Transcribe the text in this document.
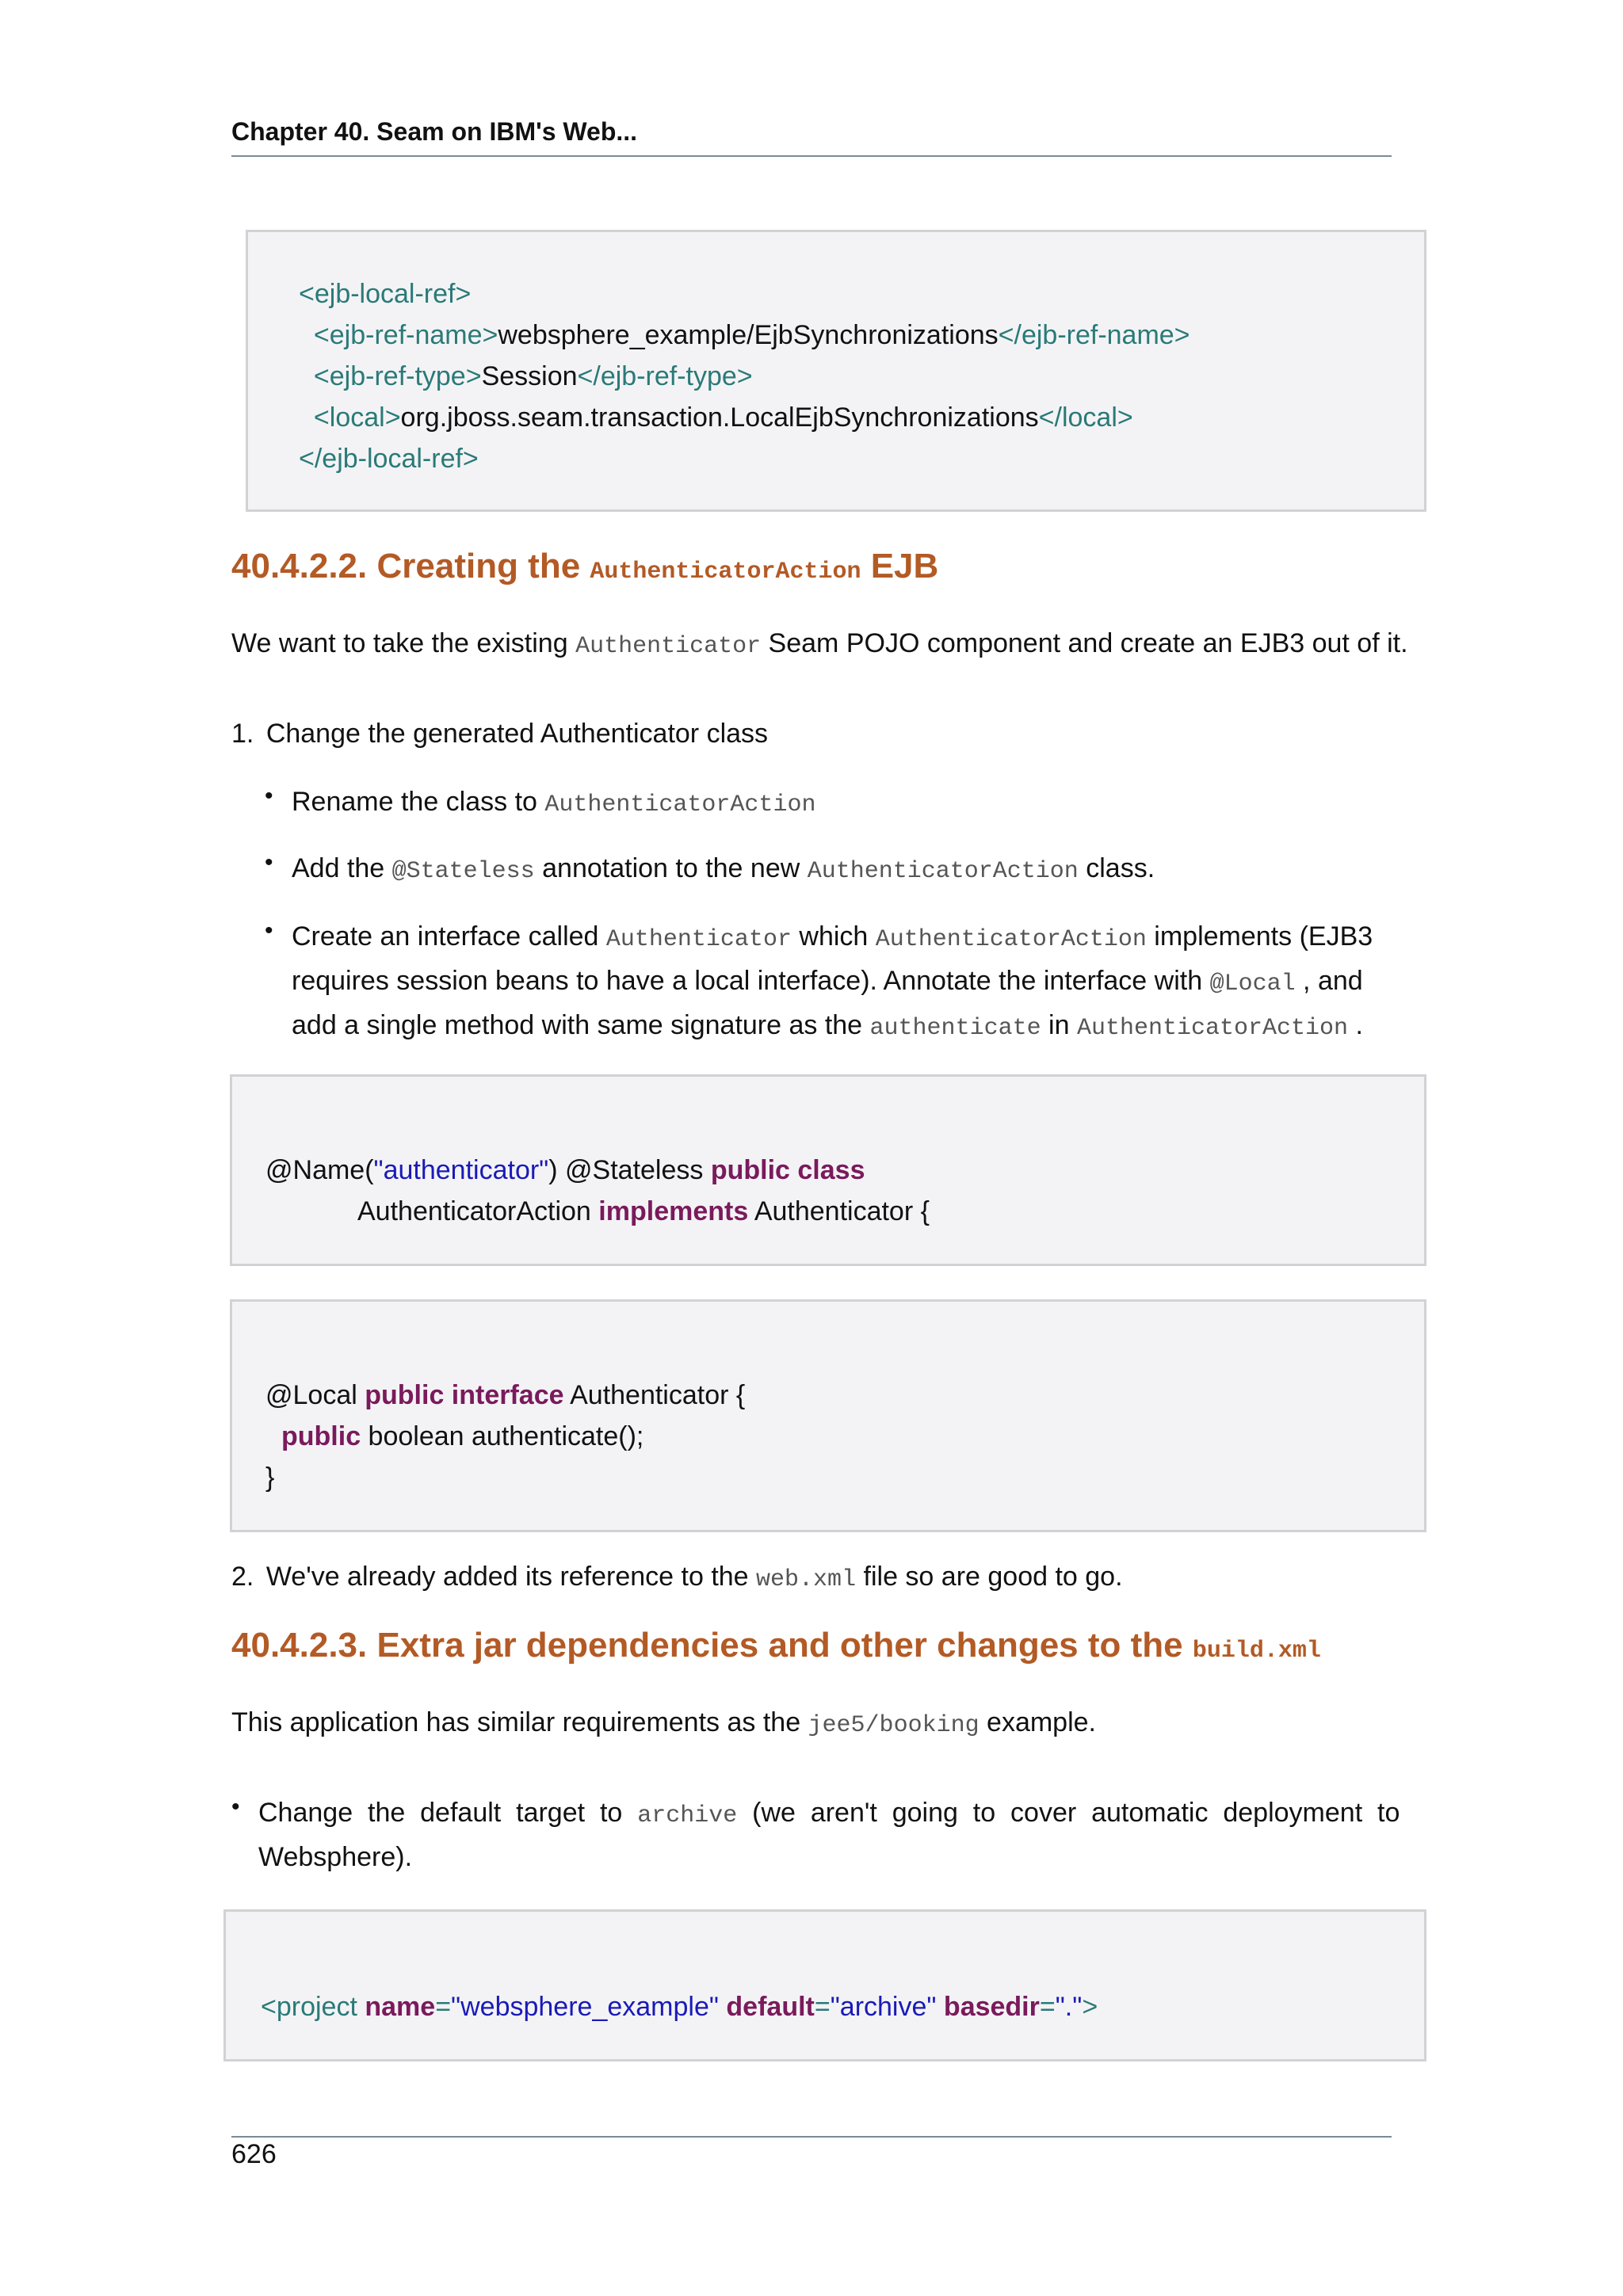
Chapter 40. Seam on IBM's Web...
<ejb-local-ref>
<ejb-ref-name>websphere_example/EjbSynchronizations</ejb-ref-name>
<ejb-ref-type>Session</ejb-ref-type>
<local>org.jboss.seam.transaction.LocalEjbSynchronizations</local>
</ejb-local-ref>
40.4.2.2. Creating the AuthenticatorAction EJB
We want to take the existing Authenticator Seam POJO component and create an EJB3 out of it.
1. Change the generated Authenticator class
• Rename the class to AuthenticatorAction
• Add the @Stateless annotation to the new AuthenticatorAction class.
• Create an interface called Authenticator which AuthenticatorAction implements (EJB3
requires session beans to have a local interface). Annotate the interface with @Local , and
add a single method with same signature as the authenticate in AuthenticatorAction .
@Name("authenticator") @Stateless public class
AuthenticatorAction implements Authenticator {
@Local public interface Authenticator {
public boolean authenticate();
}
2. We've already added its reference to the web.xml file so are good to go.
40.4.2.3. Extra jar dependencies and other changes to the build.xml
This application has similar requirements as the jee5/booking example.
• Change  the  default  target  to  archive  (we  aren't  going  to  cover  automatic  deployment  to
Websphere).
<project name="websphere_example" default="archive" basedir=".">
626
